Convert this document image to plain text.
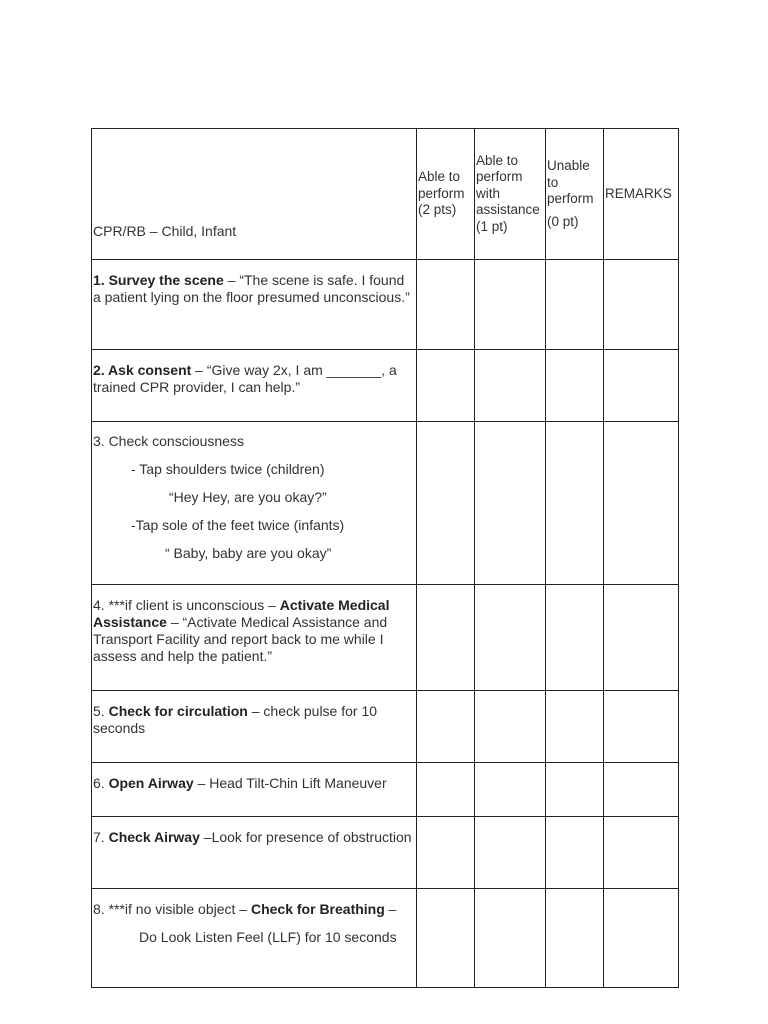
CPR/RB – Child, Infant	Able to
perform
(2 pts)	Able to
perform
with
assistance
(1 pt)	Unable
to
perform
(0 pt)	REMARKS
1. Survey the scene – “The scene is safe. I found a patient lying on the floor presumed unconscious.”				
2. Ask consent – “Give way 2x, I am _______, a trained CPR provider, I can help.”				

3. Check consciousness
- Tap shoulders twice (children)
“Hey Hey, are you okay?”
-Tap sole of the feet twice (infants)
“ Baby, baby are you okay”				

4. ***if client is unconscious – Activate Medical Assistance – “Activate Medical Assistance and Transport Facility and report back to me while I assess and help the patient.”				
5. Check for circulation – check pulse for 10 seconds				
6. Open Airway – Head Tilt-Chin Lift Maneuver				
7. Check Airway –Look for presence of obstruction				
8. ***if no visible object – Check for Breathing –
Do Look Listen Feel (LLF) for 10 seconds				
